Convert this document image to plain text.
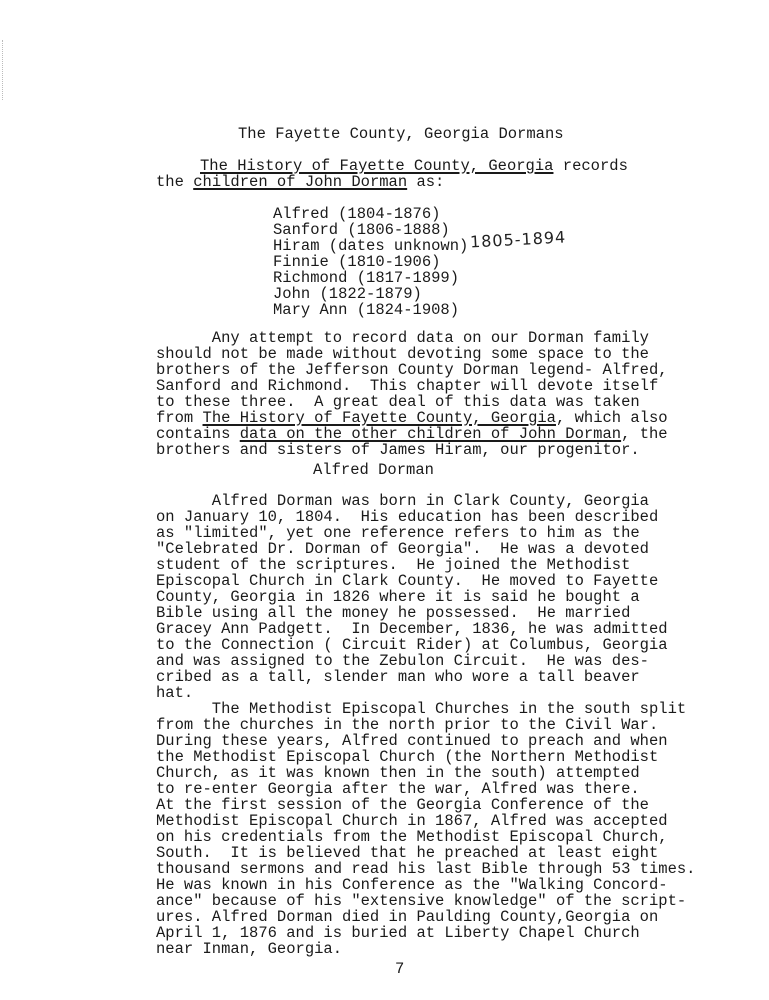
The Fayette County, Georgia Dormans
The History of Fayette County, Georgia records
the children of John Dorman as:
Alfred (1804-1876)
Sanford (1806-1888)
Hiram (dates unknown)
Finnie (1810-1906)
Richmond (1817-1899)
John (1822-1879)
Mary Ann (1824-1908)
1805-1894
Any attempt to record data on our Dorman family
should not be made without devoting some space to the
brothers of the Jefferson County Dorman legend- Alfred,
Sanford and Richmond.  This chapter will devote itself
to these three.  A great deal of this data was taken
from The History of Fayette County, Georgia, which also
contains data on the other children of John Dorman, the
brothers and sisters of James Hiram, our progenitor.
Alfred Dorman
Alfred Dorman was born in Clark County, Georgia
on January 10, 1804.  His education has been described
as "limited", yet one reference refers to him as the
"Celebrated Dr. Dorman of Georgia".  He was a devoted
student of the scriptures.  He joined the Methodist
Episcopal Church in Clark County.  He moved to Fayette
County, Georgia in 1826 where it is said he bought a
Bible using all the money he possessed.  He married
Gracey Ann Padgett.  In December, 1836, he was admitted
to the Connection ( Circuit Rider) at Columbus, Georgia
and was assigned to the Zebulon Circuit.  He was des-
cribed as a tall, slender man who wore a tall beaver
hat.
The Methodist Episcopal Churches in the south split
from the churches in the north prior to the Civil War.
During these years, Alfred continued to preach and when
the Methodist Episcopal Church (the Northern Methodist
Church, as it was known then in the south) attempted
to re-enter Georgia after the war, Alfred was there.
At the first session of the Georgia Conference of the
Methodist Episcopal Church in 1867, Alfred was accepted
on his credentials from the Methodist Episcopal Church,
South.  It is believed that he preached at least eight
thousand sermons and read his last Bible through 53 times.
He was known in his Conference as the "Walking Concord-
ance" because of his "extensive knowledge" of the script-
ures. Alfred Dorman died in Paulding County,Georgia on
April 1, 1876 and is buried at Liberty Chapel Church
near Inman, Georgia.
7
